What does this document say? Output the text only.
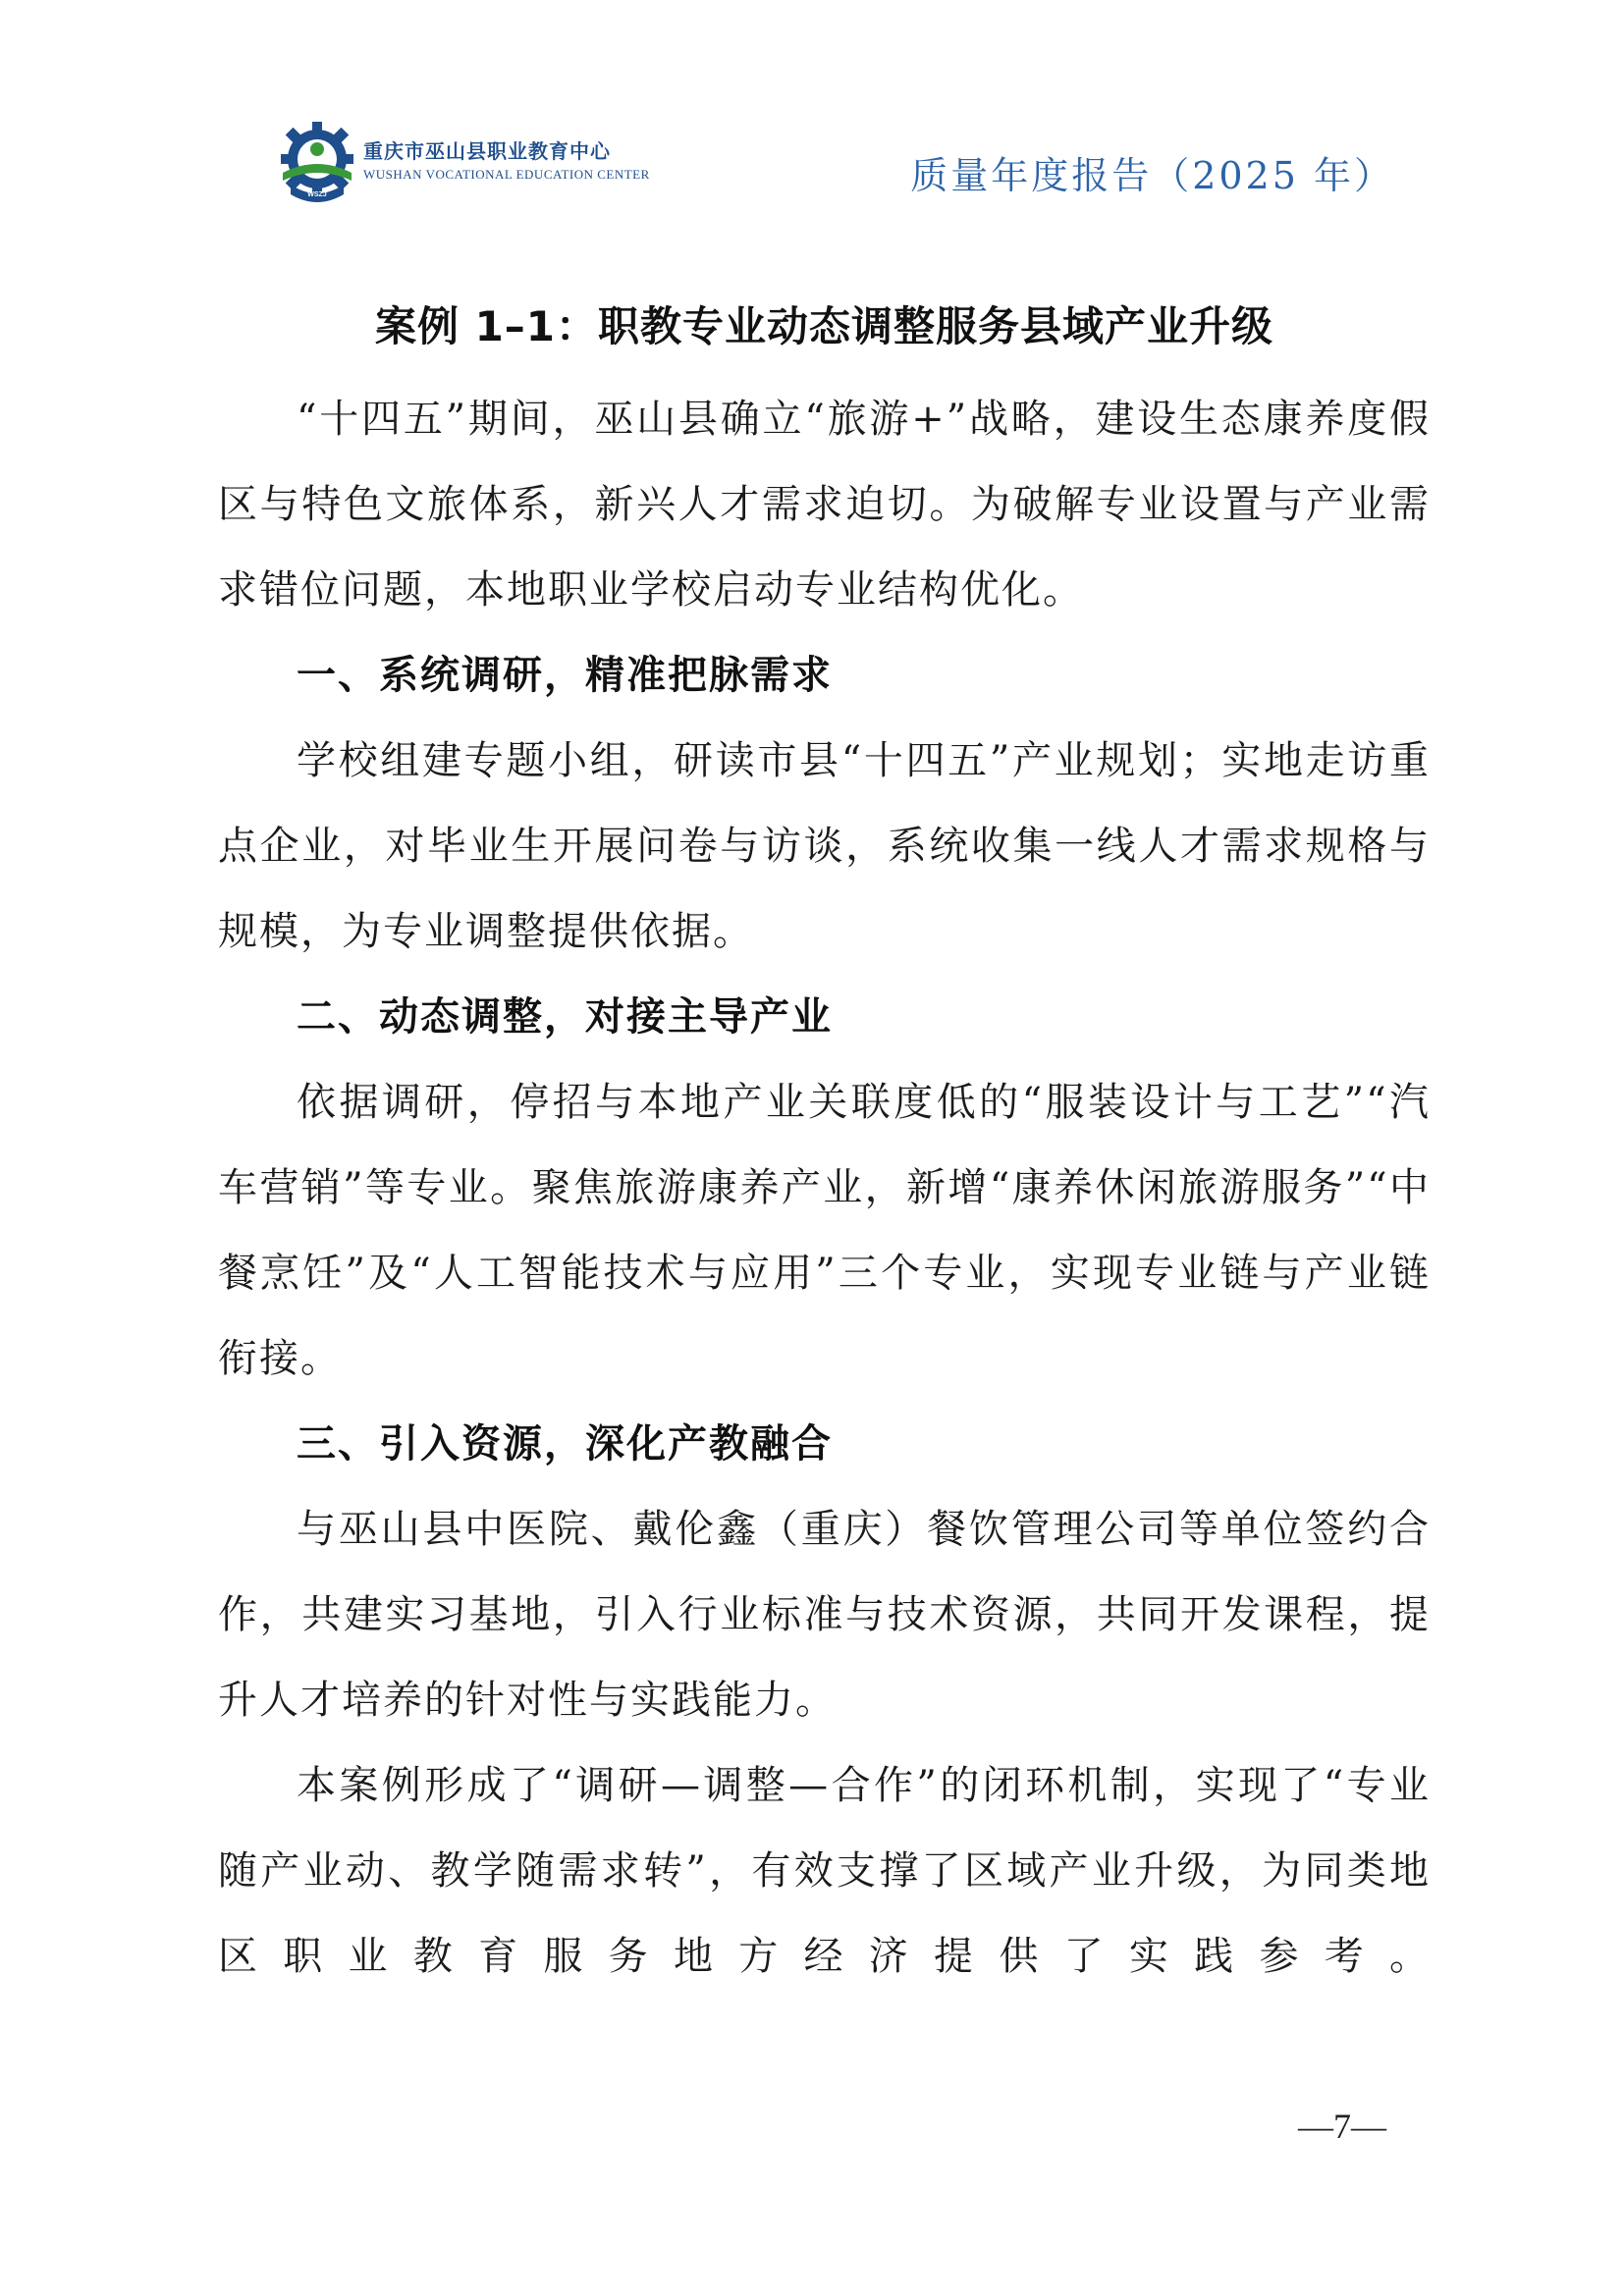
WSZJ
重庆市巫山县职业教育中心
WUSHAN VOCATIONAL EDUCATION CENTER	质量年度报告（2025 年）
案例 1–1：职教专业动态调整服务县域产业升级

“十四五”期间，巫山县确立“旅游+”战略，建设生态康养度假区与特色文旅体系，新兴人才需求迫切。为破解专业设置与产业需求错位问题，本地职业学校启动专业结构优化。

一、系统调研，精准把脉需求

学校组建专题小组，研读市县“十四五”产业规划；实地走访重点企业，对毕业生开展问卷与访谈，系统收集一线人才需求规格与规模，为专业调整提供依据。

二、动态调整，对接主导产业

依据调研，停招与本地产业关联度低的“服装设计与工艺”“汽车营销”等专业。聚焦旅游康养产业，新增“康养休闲旅游服务”“中餐烹饪”及“人工智能技术与应用”三个专业，实现专业链与产业链衔接。

三、引入资源，深化产教融合

与巫山县中医院、戴伦鑫（重庆）餐饮管理公司等单位签约合作，共建实习基地，引入行业标准与技术资源，共同开发课程，提升人才培养的针对性与实践能力。

本案例形成了“调研—调整—合作”的闭环机制，实现了“专业随产业动、教学随需求转”，有效支撑了区域产业升级，为同类地区职业教育服务地方经济提供了实践参考。

—7—
